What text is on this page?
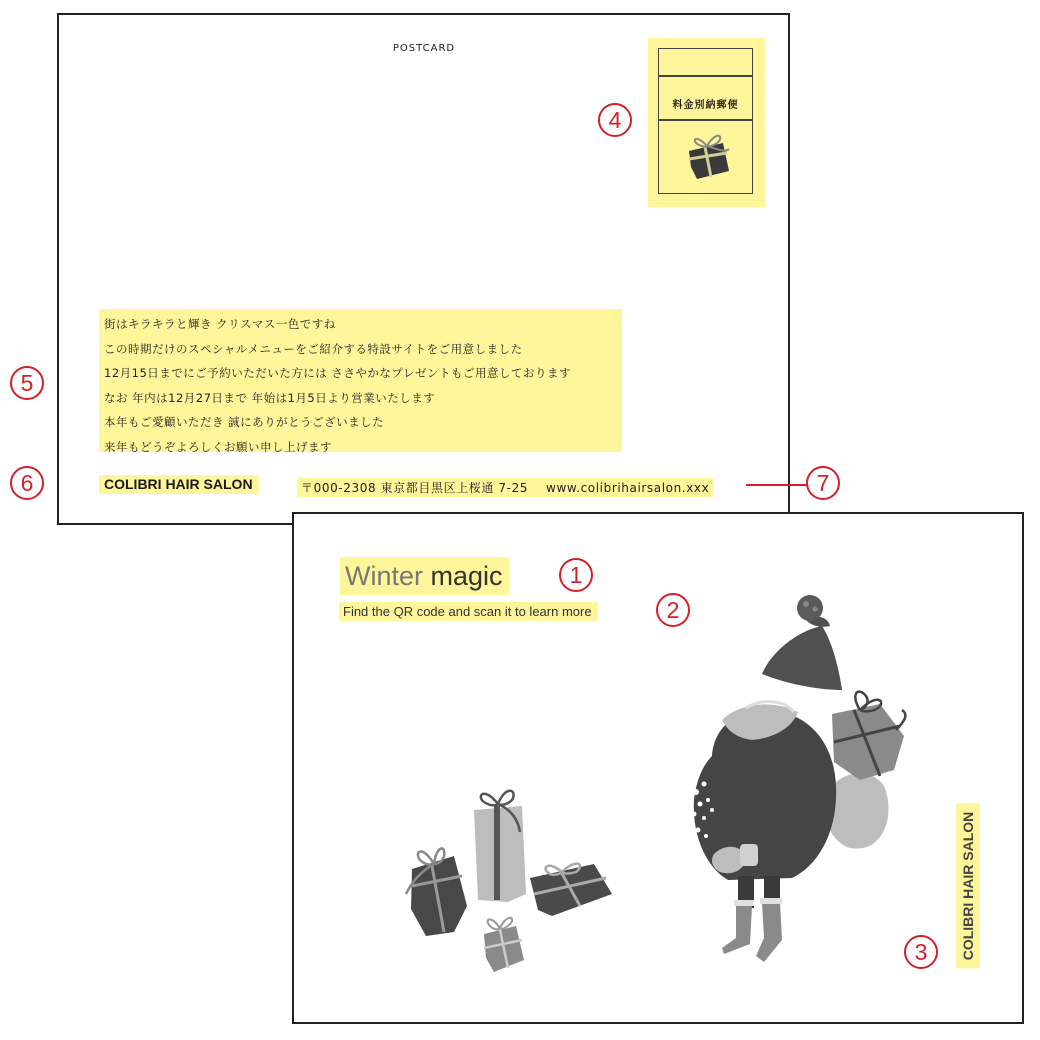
POSTCARD
料金別納郵便
街はキラキラと輝き クリスマス一色ですね
この時期だけのスペシャルメニューをご紹介する特設サイトをご用意しました
12月15日までにご予約いただいた方には ささやかなプレゼントもご用意しております
なお 年内は12月27日まで 年始は1月5日より営業いたします
本年もご愛顧いただき 誠にありがとうございました
来年もどうぞよろしくお願い申し上げます
COLIBRI HAIR SALON	〒000-2308 東京都目黒区上桜通 7-25 www.colibrihairsalon.xxx
Winter magic
Find the QR code and scan it to learn more
COLIBRI HAIR SALON
1
2
3
4
5
6	7
